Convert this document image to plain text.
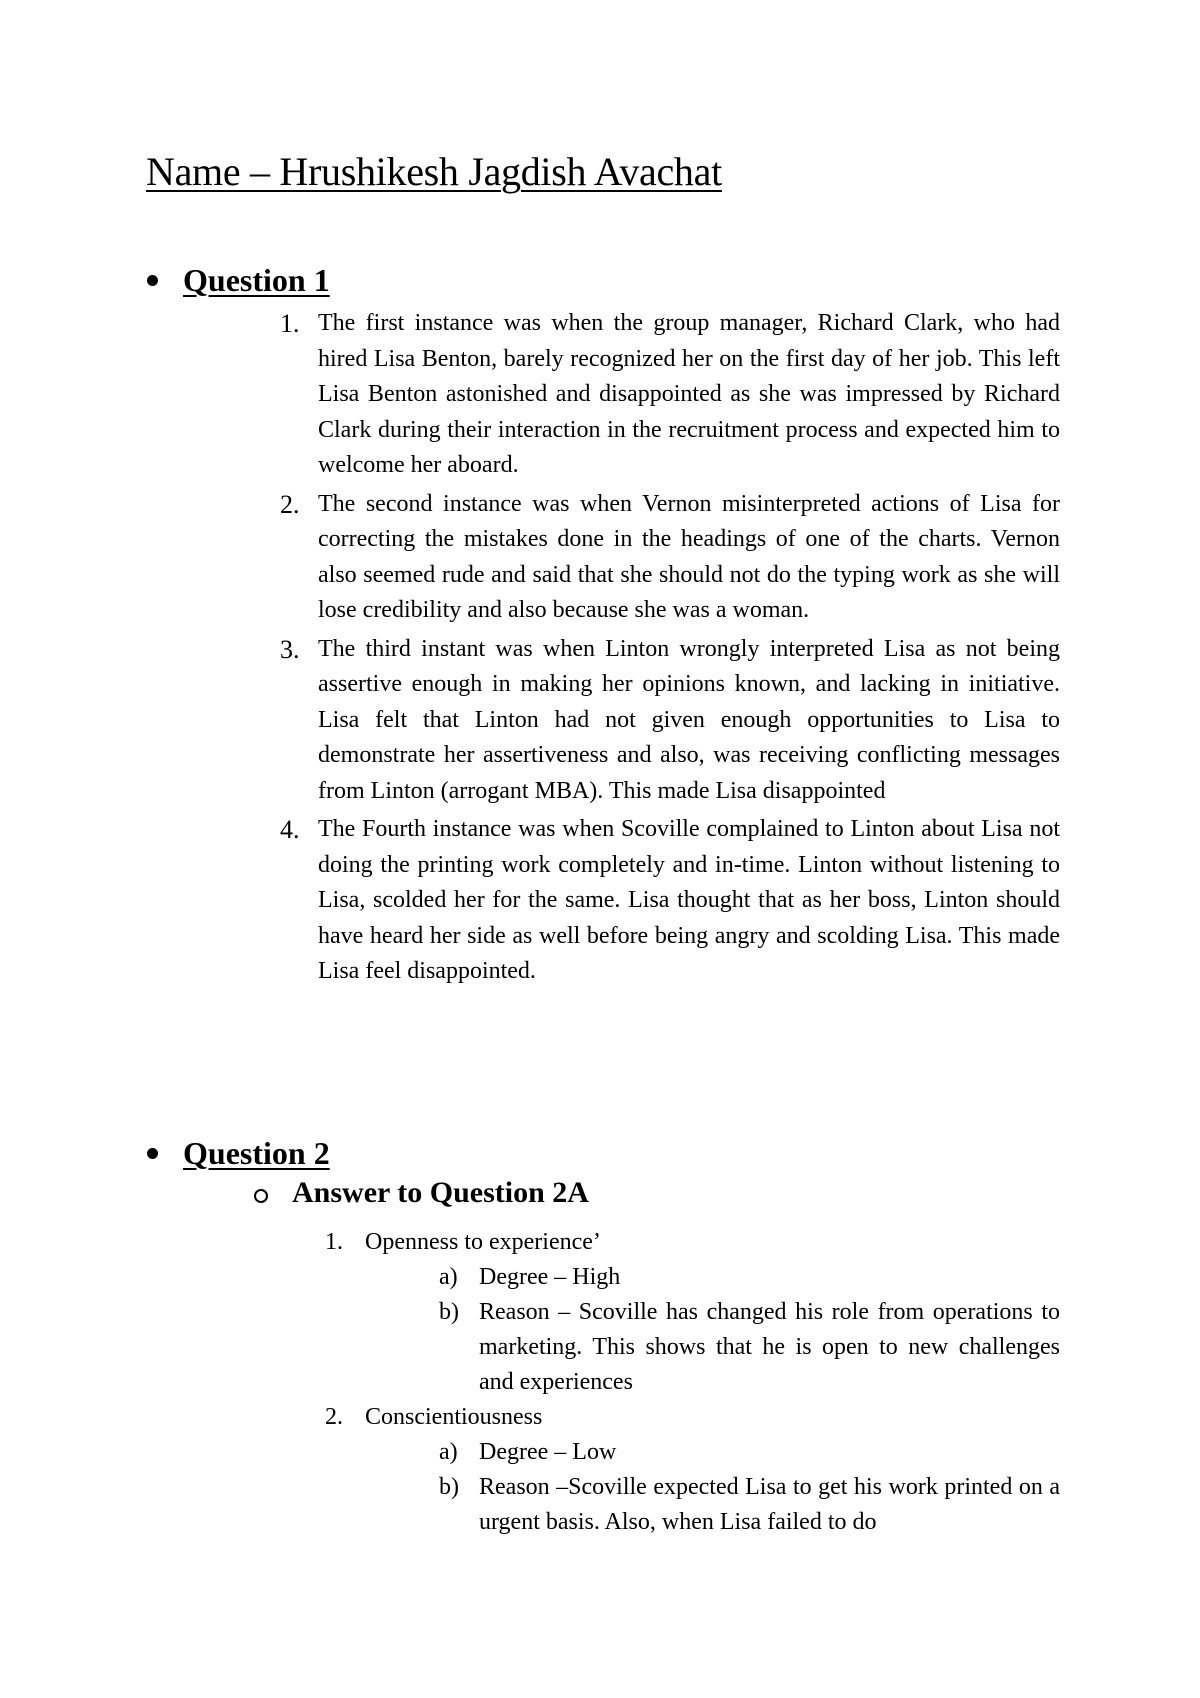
Name – Hrushikesh Jagdish Avachat
Question 1
1. The first instance was when the group manager, Richard Clark, who had hired Lisa Benton, barely recognized her on the first day of her job. This left Lisa Benton astonished and disappointed as she was impressed by Richard Clark during their interaction in the recruitment process and expected him to welcome her aboard.
2. The second instance was when Vernon misinterpreted actions of Lisa for correcting the mistakes done in the headings of one of the charts. Vernon also seemed rude and said that she should not do the typing work as she will lose credibility and also because she was a woman.
3. The third instant was when Linton wrongly interpreted Lisa as not being assertive enough in making her opinions known, and lacking in initiative. Lisa felt that Linton had not given enough opportunities to Lisa to demonstrate her assertiveness and also, was receiving conflicting messages from Linton (arrogant MBA). This made Lisa disappointed
4. The Fourth instance was when Scoville complained to Linton about Lisa not doing the printing work completely and in-time. Linton without listening to Lisa, scolded her for the same. Lisa thought that as her boss, Linton should have heard her side as well before being angry and scolding Lisa. This made Lisa feel disappointed.
Question 2
Answer to Question 2A
1. Openness to experience’
a) Degree – High
b) Reason – Scoville has changed his role from operations to marketing. This shows that he is open to new challenges and experiences
2. Conscientiousness
a) Degree – Low
b) Reason –Scoville expected Lisa to get his work printed on a urgent basis. Also, when Lisa failed to do
